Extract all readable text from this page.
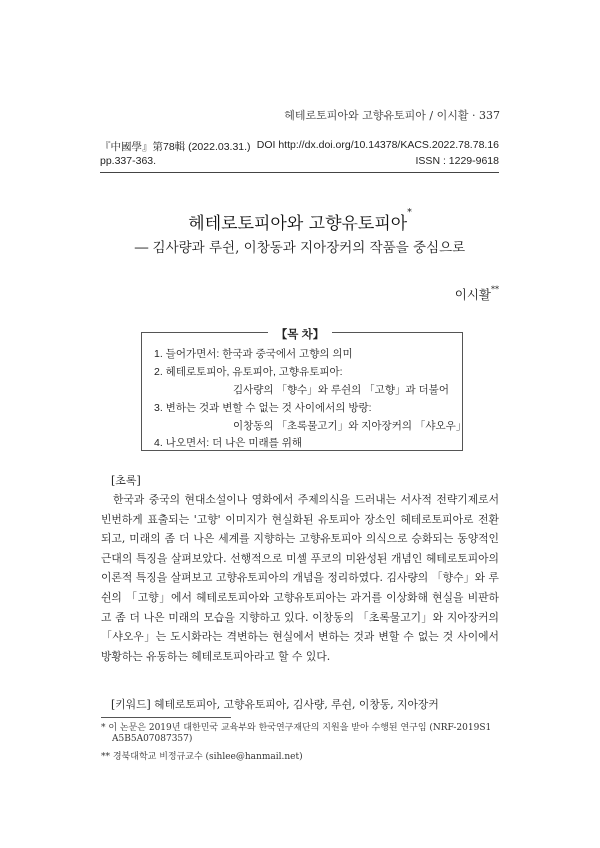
헤테로토피아와 고향유토피아 / 이시활 · 337
『中國學』第78輯 (2022.03.31.) DOI http://dx.doi.org/10.14378/KACS.2022.78.78.16
pp.337-363.	ISSN : 1229-9618
헤테로토피아와 고향유토피아*
― 김사량과 루쉰, 이창동과 지아장커의 작품을 중심으로
이시활**
【목 차】
1. 들어가면서: 한국과 중국에서 고향의 의미
2. 헤테로토피아, 유토피아, 고향유토피아:
김사량의 「향수」와 루쉰의 「고향」과 더불어
3. 변하는 것과 변할 수 없는 것 사이에서의 방랑:
이창동의 「초록물고기」와 지아장커의 「샤오우」
4. 나오면서: 더 나은 미래를 위해
[초록]
한국과 중국의 현대소설이나 영화에서 주제의식을 드러내는 서사적 전략기제로서 빈번하게 표출되는 '고향' 이미지가 현실화된 유토피아 장소인 헤테로토피아로 전환되고, 미래의 좀 더 나은 세계를 지향하는 고향유토피아 의식으로 승화되는 동양적인 근대의 특징을 살펴보았다. 선행적으로 미셸 푸코의 미완성된 개념인 헤테로토피아의 이론적 특징을 살펴보고 고향유토피아의 개념을 정리하였다. 김사량의 「향수」와 루쉰의 「고향」에서 헤테로토피아와 고향유토피아는 과거를 이상화해 현실을 비판하고 좀 더 나은 미래의 모습을 지향하고 있다. 이창동의 「초록물고기」와 지아장커의 「샤오우」는 도시화라는 격변하는 현실에서 변하는 것과 변할 수 없는 것 사이에서 방황하는 유동하는 헤테로토피아라고 할 수 있다.
[키워드] 헤테로토피아, 고향유토피아, 김사량, 루쉰, 이창동, 지아장커
* 이 논문은 2019년 대한민국 교육부와 한국연구재단의 지원을 받아 수행된 연구임 (NRF-2019S1
A5B5A07087357)
** 경북대학교 비정규교수 (sihlee@hanmail.net)
